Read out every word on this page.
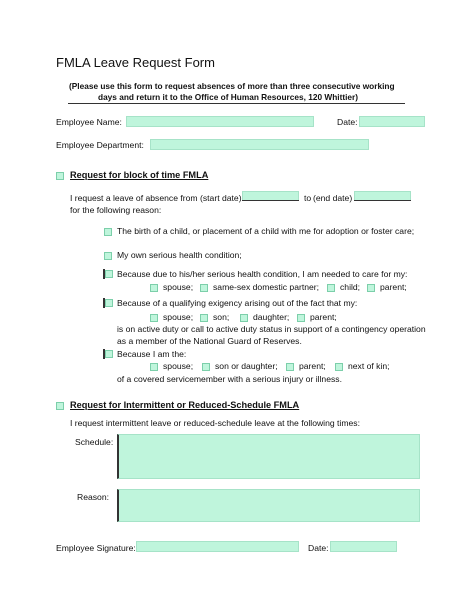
FMLA Leave Request Form
(Please use this form to request absences of more than three consecutive working
days and return it to the Office of Human Resources, 120 Whittier)
Employee Name:	Date:
Employee Department:
Request for block of time FMLA
I request a leave of absence from (start date)	to (end date)
for the following reason:
The birth of a child, or placement of a child with me for adoption or foster care;
My own serious health condition;
Because due to his/her serious health condition, I am needed to care for my:
spouse; same-sex domestic partner; child; parent;
Because of a qualifying exigency arising out of the fact that my:
spouse; son;	daughter; parent;
is on active duty or call to active duty status in support of a contingency operation
as a member of the National Guard of Reserves.
Because I am the:
spouse;	son or daughter; parent;	next of kin;
of a covered servicemember with a serious injury or illness.
Request for Intermittent or Reduced-Schedule FMLA
I request intermittent leave or reduced-schedule leave at the following times:
Schedule:
Reason:
Employee Signature:	Date:
